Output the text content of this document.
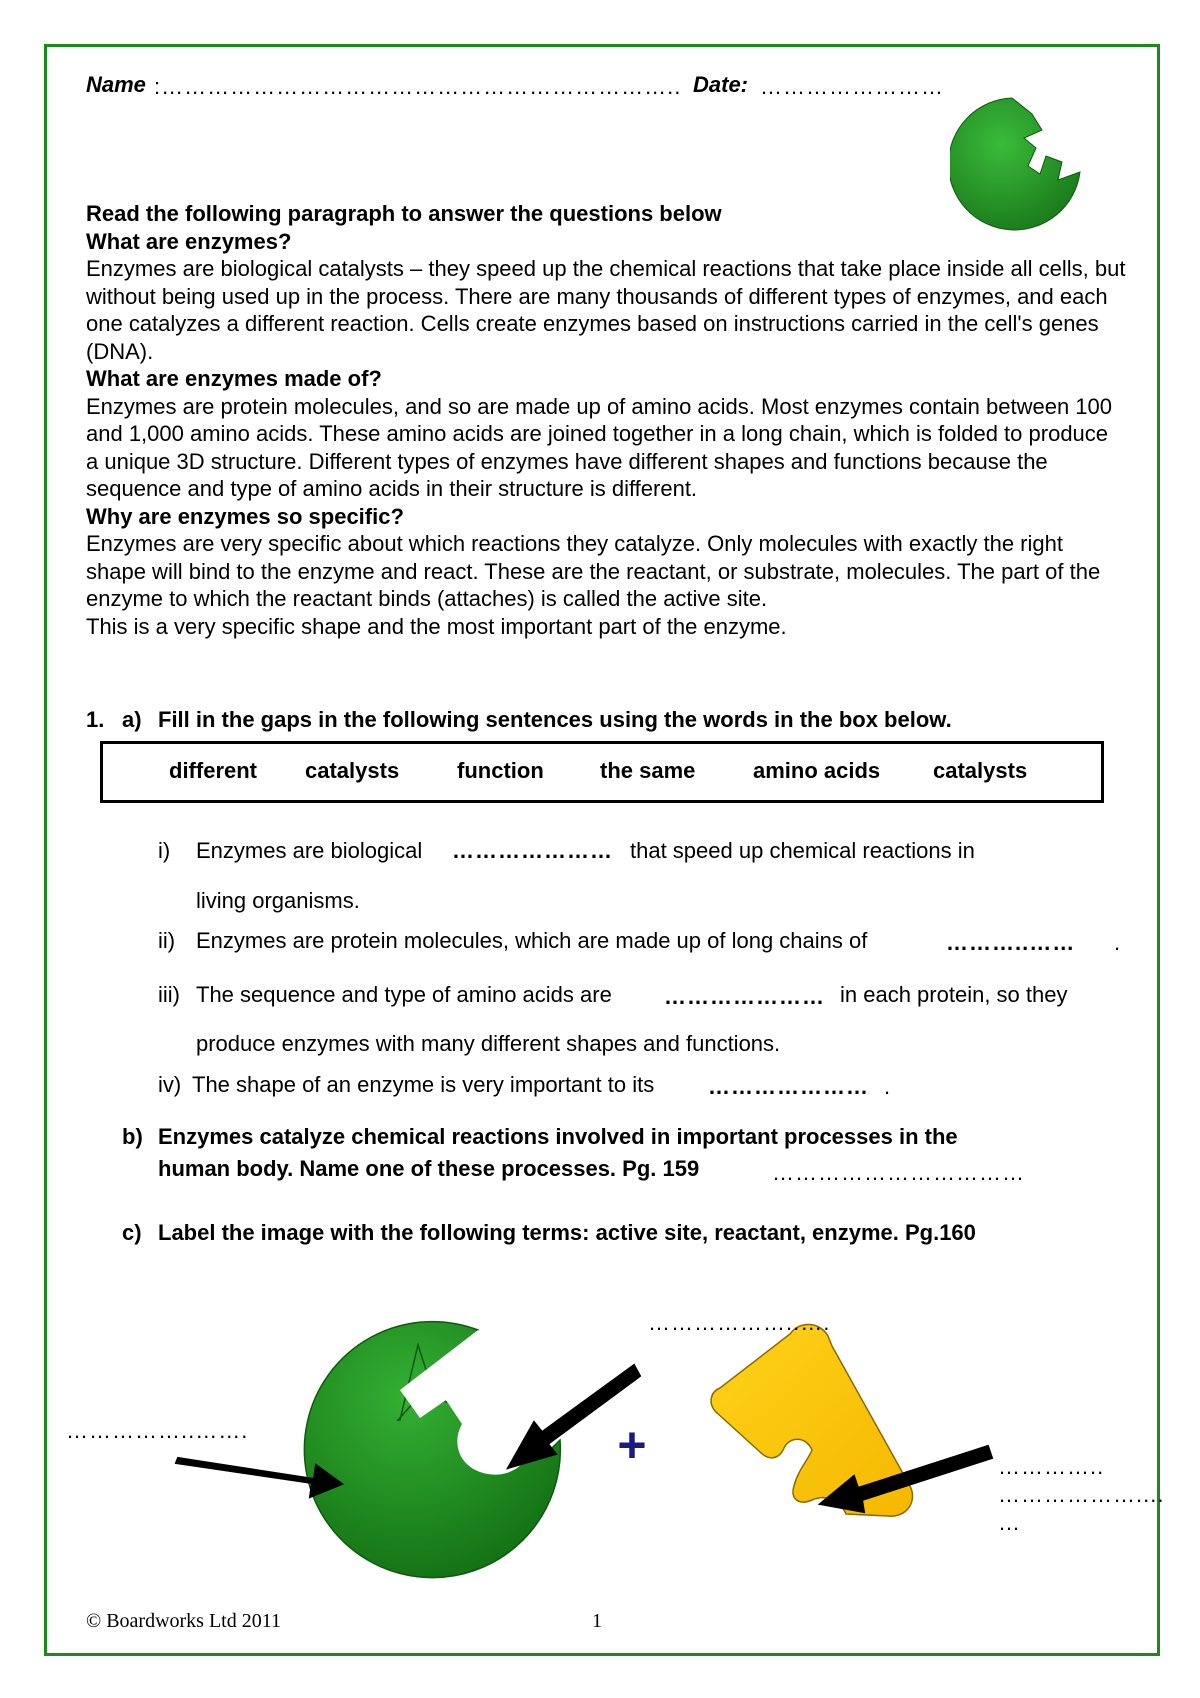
Name :………………………………………………………….. Date: ……………………

Read the following paragraph to answer the questions below

What are enzymes?

Enzymes are biological catalysts – they speed up the chemical reactions that take place inside all cells, but without being used up in the process. There are many thousands of different types of enzymes, and each one catalyzes a different reaction. Cells create enzymes based on instructions carried in the cell's genes (DNA).

What are enzymes made of?

Enzymes are protein molecules, and so are made up of amino acids. Most enzymes contain between 100 and 1,000 amino acids. These amino acids are joined together in a long chain, which is folded to produce a unique 3D structure. Different types of enzymes have different shapes and functions because the sequence and type of amino acids in their structure is different.

Why are enzymes so specific?

Enzymes are very specific about which reactions they catalyze. Only molecules with exactly the right shape will bind to the enzyme and react. These are the reactant, or substrate, molecules. The part of the enzyme to which the reactant binds (attaches) is called the active site.

This is a very specific shape and the most important part of the enzyme.

1. a) Fill in the gaps in the following sentences using the words in the box below.
different catalysts	function	the same	amino acids catalysts
i) Enzymes are biological ………………… that speed up chemical reactions in
living organisms.
ii) Enzymes are protein molecules, which are made up of long chains of	………..…… .
iii) The sequence and type of amino acids are ………………… in each protein, so they
produce enzymes with many different shapes and functions.
iv) The shape of an enzyme is very important to its ………………… .
b) Enzymes catalyze chemical reactions involved in important processes in the
human body. Name one of these processes. Pg. 159	……………………………
c) Label the image with the following terms: active site, reactant, enzyme. Pg.160
+
……………..…….
………………..….
…………..
………………....
…
© Boardworks Ltd 2011	1
